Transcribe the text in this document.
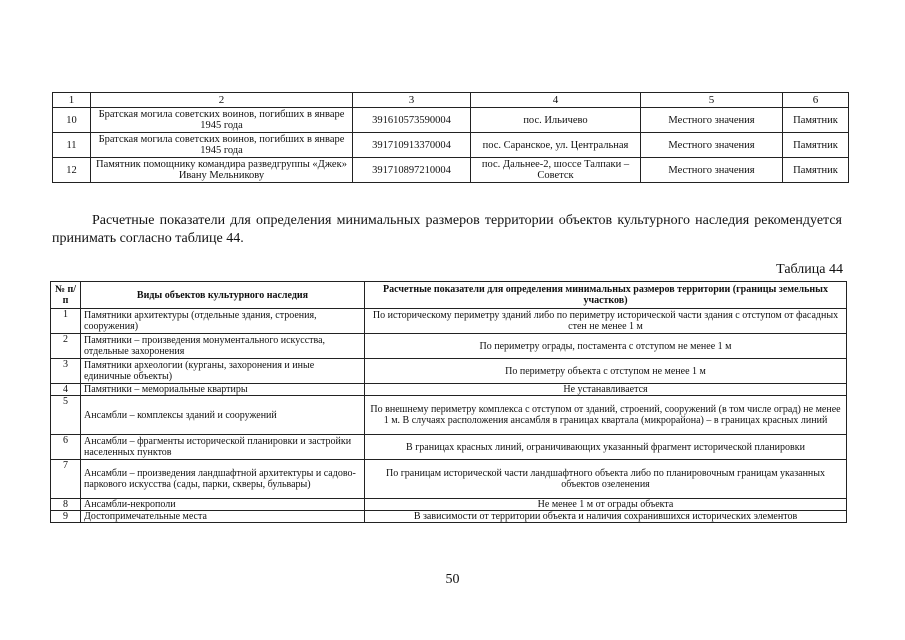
1	2	3	4	5	6
10	Братская могила советских воинов, погибших в январе 1945 года	391610573590004	пос. Ильичево	Местного значения	Памятник
11	Братская могила советских воинов, погибших в январе 1945 года	391710913370004	пос. Саранское, ул. Центральная	Местного значения	Памятник
12	Памятник помощнику командира разведгруппы «Джек» Ивану Мельникову	391710897210004	пос. Дальнее-2, шоссе Талпаки – Советск	Местного значения	Памятник
Расчетные показатели для определения минимальных размеров территории объектов культурного наследия рекомендуется принимать согласно таблице 44.
Таблица 44
№ п/п	Виды объектов культурного наследия	Расчетные показатели для определения минимальных размеров территории (границы земельных участков)
1	Памятники архитектуры (отдельные здания, строения, сооружения)	По историческому периметру зданий либо по периметру исторической части здания с отступом от фасадных стен не менее 1 м
2	Памятники – произведения монументального искусства, отдельные захоронения	По периметру ограды, постамента с отступом не менее 1 м
3	Памятники археологии (курганы, захоронения и иные единичные объекты)	По периметру объекта с отступом не менее 1 м
4	Памятники – мемориальные квартиры	Не устанавливается
5	Ансамбли – комплексы зданий и сооружений	По внешнему периметру комплекса с отступом от зданий, строений, сооружений (в том числе оград) не менее 1 м. В случаях расположения ансамбля в границах квартала (микрорайона) – в границах красных линий
6	Ансамбли – фрагменты исторической планировки и застройки населенных пунктов	В границах красных линий, ограничивающих указанный фрагмент исторической планировки
7	Ансамбли – произведения ландшафтной архитектуры и садово-паркового искусства (сады, парки, скверы, бульвары)	По границам исторической части ландшафтного объекта либо по планировочным границам указанных объектов озеленения
8	Ансамбли-некрополи	Не менее 1 м от ограды объекта
9	Достопримечательные места	В зависимости от территории объекта и наличия сохранившихся исторических элементов
50
